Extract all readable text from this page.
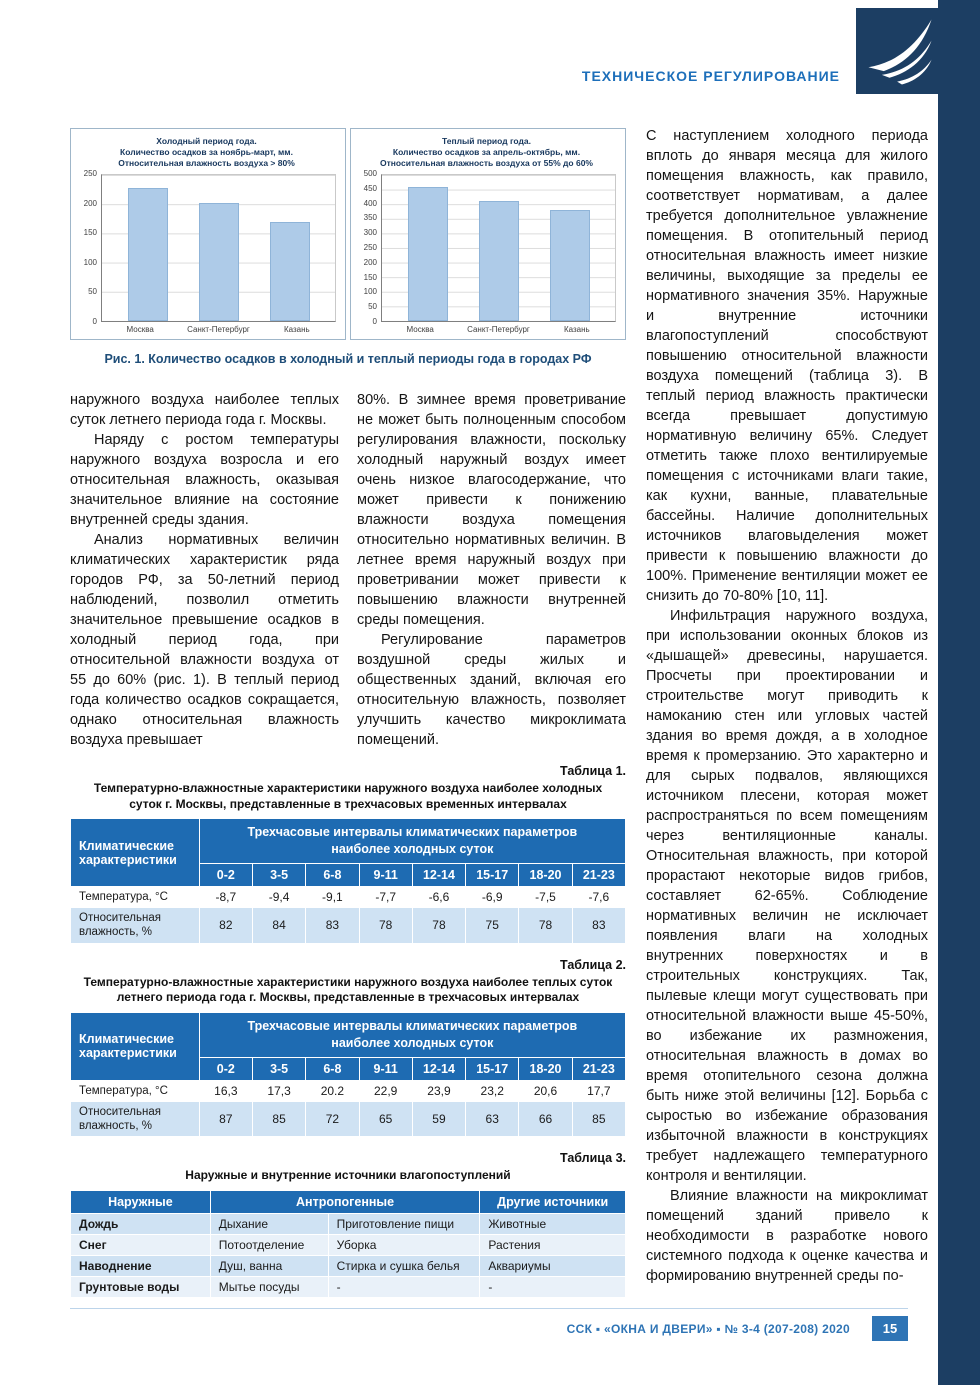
ТЕХНИЧЕСКОЕ РЕГУЛИРОВАНИЕ
Холодный период года.
Количество осадков за ноябрь-март, мм.
Относительная влажность воздуха > 80%
250
200
150
100
50
0
Москва	Санкт-Петербург	Казань
Теплый период года.
Количество осадков за апрель-октябрь, мм.
Относительная влажность воздуха от 55% до 60%
500
450
400
350
300
250
200
150
100
50
0
Москва	Санкт-Петербург	Казань
Рис. 1. Количество осадков в холодный и теплый периоды года в городах РФ

наружного воздуха наиболее теплых суток летнего периода года г. Москвы.

Наряду с ростом температуры наружного воздуха возросла и его относительная влажность, оказывая значительное влияние на состояние внутренней среды здания.

Анализ нормативных величин климатических характеристик ряда городов РФ, за 50-летний период наблюдений, позволил отметить значительное превышение осадков в холодный период года, при относительной влажности воздуха от 55 до 60% (рис. 1). В теплый период года количество осадков сокращается, однако относительная влажность воздуха превышает

80%. В зимнее время проветривание не может быть полноценным способом регулирования влажности, поскольку холодный наружный воздух имеет очень низкое влагосодержание, что может привести к понижению влажности воздуха помещения относительно нормативных величин. В летнее время наружный воздух при проветривании может привести к повышению влажности внутренней среды помещения.

Регулирование параметров воздушной среды жилых и общественных зданий, включая его относительную влажность, позволяет улучшить качество микроклимата помещений.

Таблица 1.
Температурно-влажностные характеристики наружного воздуха наиболее холодных суток г. Москвы, представленные в трехчасовых временных интервалах
Климатические характеристики	Трехчасовые интервалы климатических параметров наиболее холодных суток							
	0-2	3-5	6-8	9-11	12-14	15-17	18-20	21-23
Температура, °С	-8,7	-9,4	-9,1	-7,7	-6,6	-6,9	-7,5	-7,6
Относительная влажность, %	82	84	83	78	78	75	78	83
Таблица 2.
Температурно-влажностные характеристики наружного воздуха наиболее теплых суток летнего периода года г. Москвы, представленные в трехчасовых интервалах
Климатические характеристики	Трехчасовые интервалы климатических параметров наиболее холодных суток							
	0-2	3-5	6-8	9-11	12-14	15-17	18-20	21-23
Температура, °С	16,3	17,3	20.2	22,9	23,9	23,2	20,6	17,7
Относительная влажность, %	87	85	72	65	59	63	66	85
Таблица 3.
Наружные и внутренние источники влагопоступлений
Наружные	Антропогенные		Другие источники
Дождь	Дыхание	Приготовление пищи	Животные
Снег	Потоотделение	Уборка	Растения
Наводнение	Душ, ванна	Стирка и сушка белья	Аквариумы
Грунтовые воды	Мытье посуды	-	-

С наступлением холодного периода вплоть до января месяца для жилого помещения влажность, как правило, соответствует нормативам, а далее требуется дополнительное увлажнение помещения. В отопительный период относительная влажность имеет низкие величины, выходящие за пределы ее нормативного значения 35%. Наружные и внутренние источники влагопоступлений способствуют повышению относительной влажности воздуха помещений (таблица 3). В теплый период влажность практически всегда превышает допустимую нормативную величину 65%. Следует отметить также плохо вентилируемые помещения с источниками влаги такие, как кухни, ванные, плавательные бассейны. Наличие дополнительных источников влаговыделения может привести к повышению влажности до 100%. Применение вентиляции может ее снизить до 70-80% [10, 11].

Инфильтрация наружного воздуха, при использовании оконных блоков из «дышащей» древесины, нарушается. Просчеты при проектировании и строительстве могут приводить к намоканию стен или угловых частей здания во время дождя, а в холодное время к промерзанию. Это характерно и для сырых подвалов, являющихся источником плесени, которая может распространяться по всем помещениям через вентиляционные каналы. Относительная влажность, при которой прорастают некоторые видов грибов, составляет 62-65%. Соблюдение нормативных величин не исключает появления влаги на холодных внутренних поверхностях и в строительных конструкциях. Так, пылевые клещи могут существовать при относительной влажности выше 45-50%, во избежание их размножения, относительная влажность в домах во время отопительного сезона должна быть ниже этой величины [12]. Борьба с сыростью во избежание образования избыточной влажности в конструкциях требует надлежащего температурного контроля и вентиляции.

Влияние влажности на микроклимат помещений зданий привело к необходимости в разработке нового системного подхода к оценке качества и формированию внутренней среды по-

ССК ▪ «ОКНА И ДВЕРИ» ▪ № 3-4 (207-208) 2020	15
